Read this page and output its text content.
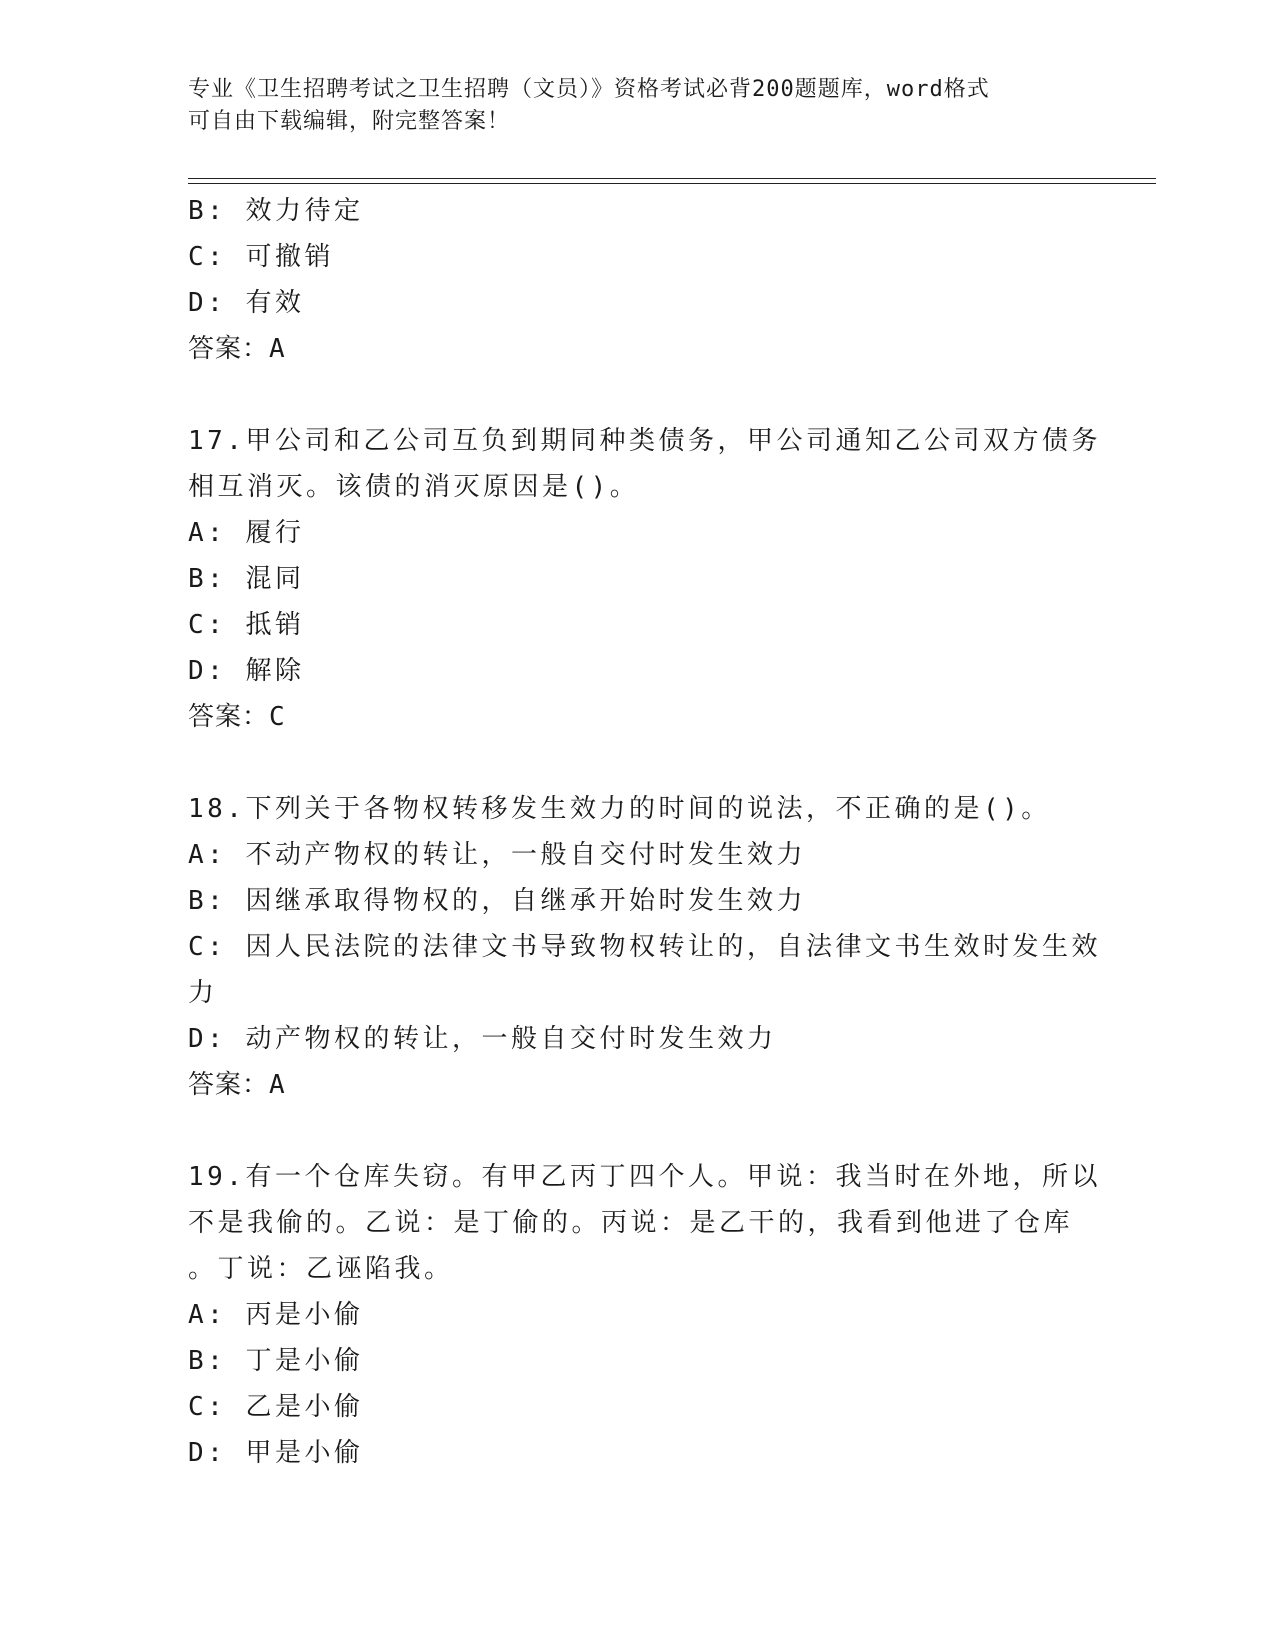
专业《卫生招聘考试之卫生招聘（文员）》资格考试必背200题题库，word格式
可自由下载编辑，附完整答案！
B: 效力待定
C: 可撤销
D: 有效
答案：A
17.甲公司和乙公司互负到期同种类债务，甲公司通知乙公司双方债务
相互消灭。该债的消灭原因是()。
A: 履行
B: 混同
C: 抵销
D: 解除
答案：C
18.下列关于各物权转移发生效力的时间的说法，不正确的是()。
A: 不动产物权的转让，一般自交付时发生效力
B: 因继承取得物权的，自继承开始时发生效力
C: 因人民法院的法律文书导致物权转让的，自法律文书生效时发生效
力
D: 动产物权的转让，一般自交付时发生效力
答案：A
19.有一个仓库失窃。有甲乙丙丁四个人。甲说：我当时在外地，所以
不是我偷的。乙说：是丁偷的。丙说：是乙干的，我看到他进了仓库
。丁说：乙诬陷我。
A: 丙是小偷
B: 丁是小偷
C: 乙是小偷
D: 甲是小偷
